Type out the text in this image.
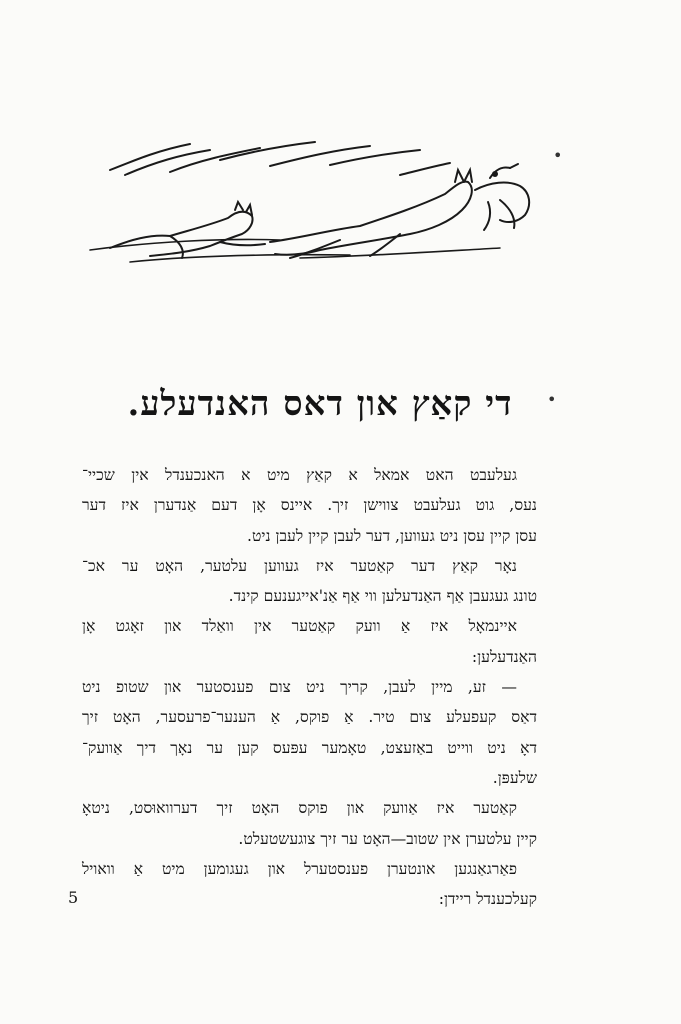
•
•
די קאַץ און דאס האנדעלע.
געלעבט האט אמאל א קאַץ מיט א האנכענדל אין שכיי־
נעס, גוט געלעבט צווישן זיך. איינס אָן דעם אַנדערן איז דער
עסן קיין עסן ניט געווען, דער לעבן קיין לעבן ניט.
נאָר קאַץ דער קאַטער איז געווען עלטער, האָט ער אכ־
טונג געגעבן אַף האַנדעלען ווי אַף אַנ'אייגענעם קינד.
איינמאָל איז אַ וועק קאַטער אין וואַלד און זאָגט אָן
האַנדעלען:
— זע, מיין לעבן, קריך ניט צום פענסטער און שטופ ניט
דאַס קעפעלע צום טיר. אַ פוקס, אַ הענער־פרעסער, האָט זיך
דאָ ניט ווייט באַזעצט, טאָמער עפּעס קען ער נאָך דיך אַוועק־
שלעפּן.
קאַטער איז אַוועק און פוקס האָט זיך דערוואוּסט, ניטאָ
קיין עלטערן אין שטוב—האָט ער זיך צוגעשטעלט.
פאַרגאַנגען אונטערן פענסטערל און געגומען מיט אַ וואויל
קעלכענדל ריידן:
5
